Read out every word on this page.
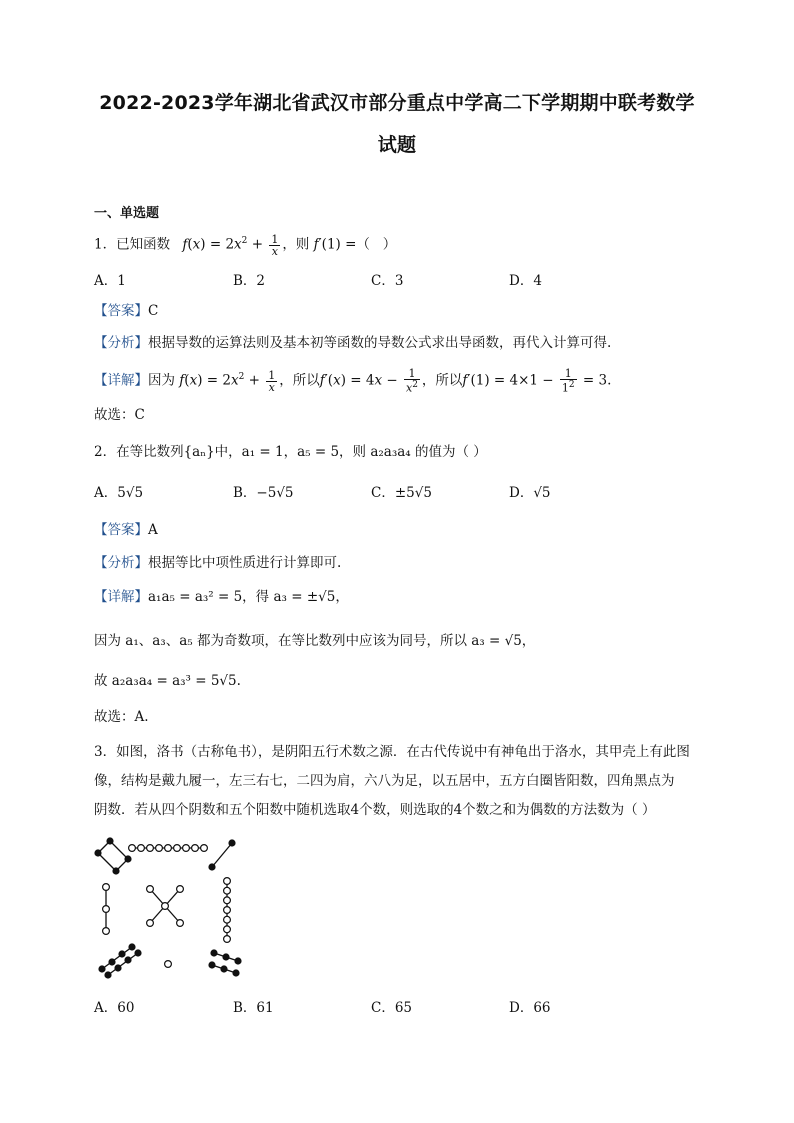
2022-2023学年湖北省武汉市部分重点中学高二下学期期中联考数学
试题
一、单选题
1．已知函数 $f(x) = 2x^2 + \frac{1}{x}$ ，则 f′(1) =（   ）
A．1	B．2	C．3	D．4
【答案】C
【分析】根据导数的运算法则及基本初等函数的导数公式求出导函数，再代入计算可得.
【详解】因为 $f(x) = 2x^2 + \frac{1}{x}$ ，所以$f'(x) = 4x - \frac{1}{x^2}$ ，所以$f'(1) = 4\times 1 - \frac{1}{1^2} = 3$.
故选：C
2．在等比数列{aₙ}中，a₁ = 1，a₅ = 5，则 a₂a₃a₄ 的值为（ ）
A．5√5	B．−5√5	C．±5√5	D．√5
【答案】A
【分析】根据等比中项性质进行计算即可.
【详解】a₁a₅ = a₃² = 5，得 a₃ = ±√5，
因为 a₁、a₃、a₅ 都为奇数项，在等比数列中应该为同号，所以 a₃ = √5，
故 a₂a₃a₄ = a₃³ = 5√5.
故选：A.
3．如图，洛书（古称龟书），是阴阳五行术数之源．在古代传说中有神龟出于洛水，其甲壳上有此图
像，结构是戴九履一，左三右七，二四为肩，六八为足，以五居中，五方白圈皆阳数，四角黑点为
阴数．若从四个阴数和五个阳数中随机选取4个数，则选取的4个数之和为偶数的方法数为（ ）
A．60	B．61	C．65	D．66
